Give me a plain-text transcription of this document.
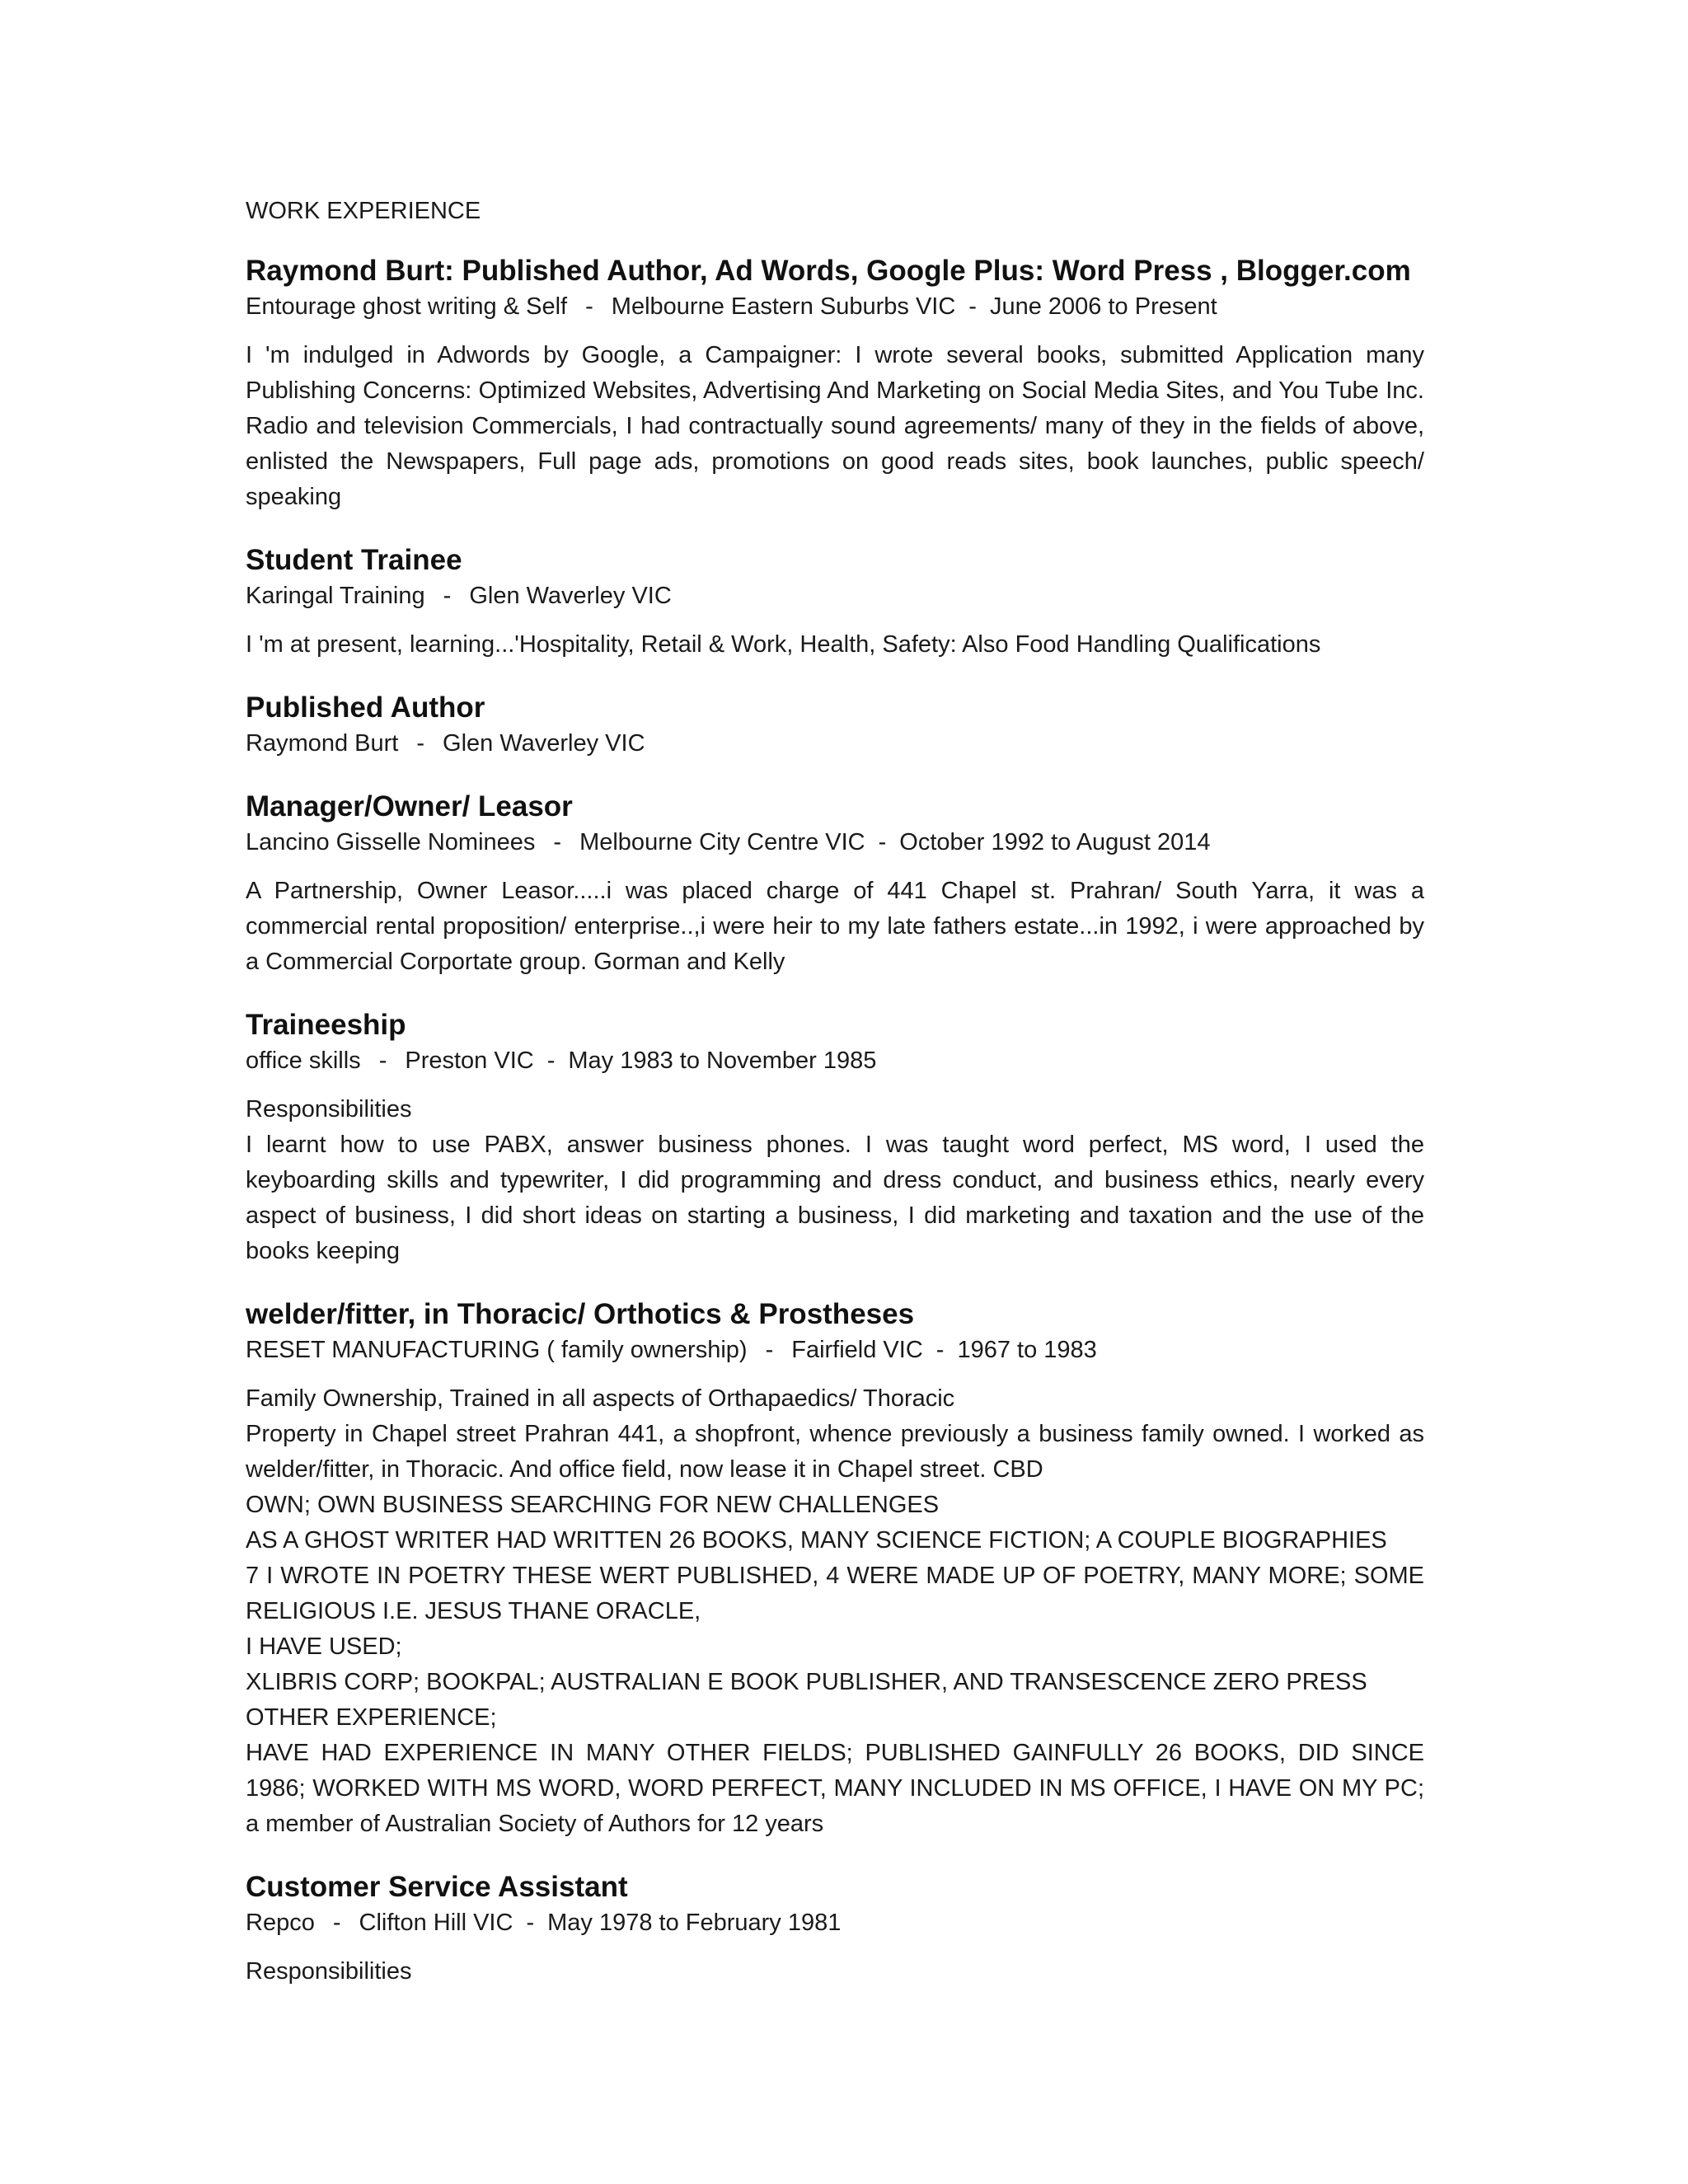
WORK EXPERIENCE
Raymond Burt: Published Author, Ad Words, Google Plus: Word Press , Blogger.com
Entourage ghost writing & Self - Melbourne Eastern Suburbs VIC - June 2006 to Present

I 'm indulged in Adwords by Google, a Campaigner: I wrote several books, submitted Application many Publishing Concerns: Optimized Websites, Advertising And Marketing on Social Media Sites, and You Tube Inc. Radio and television Commercials, I had contractually sound agreements/ many of they in the fields of above, enlisted the Newspapers, Full page ads, promotions on good reads sites, book launches, public speech/ speaking

Student Trainee
Karingal Training - Glen Waverley VIC

I 'm at present, learning...'Hospitality, Retail & Work, Health, Safety: Also Food Handling Qualifications

Published Author
Raymond Burt - Glen Waverley VIC
Manager/Owner/ Leasor
Lancino Gisselle Nominees - Melbourne City Centre VIC - October 1992 to August 2014

A Partnership, Owner Leasor.....i was placed charge of 441 Chapel st. Prahran/ South Yarra, it was a commercial rental proposition/ enterprise..,i were heir to my late fathers estate...in 1992, i were approached by a Commercial Corportate group. Gorman and Kelly

Traineeship
office skills - Preston VIC - May 1983 to November 1985

Responsibilities

I learnt how to use PABX, answer business phones. I was taught word perfect, MS word, I used the keyboarding skills and typewriter, I did programming and dress conduct, and business ethics, nearly every aspect of business, I did short ideas on starting a business, I did marketing and taxation and the use of the books keeping

welder/fitter, in Thoracic/ Orthotics & Prostheses
RESET MANUFACTURING ( family ownership) - Fairfield VIC - 1967 to 1983

Family Ownership, Trained in all aspects of Orthapaedics/ Thoracic

Property in Chapel street Prahran 441, a shopfront, whence previously a business family owned. I worked as welder/fitter, in Thoracic. And office field, now lease it in Chapel street. CBD

OWN; OWN BUSINESS SEARCHING FOR NEW CHALLENGES

AS A GHOST WRITER HAD WRITTEN 26 BOOKS, MANY SCIENCE FICTION; A COUPLE BIOGRAPHIES

7 I WROTE IN POETRY THESE WERT PUBLISHED, 4 WERE MADE UP OF POETRY, MANY MORE; SOME RELIGIOUS I.E. JESUS THANE ORACLE,

I HAVE USED;

XLIBRIS CORP; BOOKPAL; AUSTRALIAN E BOOK PUBLISHER, AND TRANSESCENCE ZERO PRESS

OTHER EXPERIENCE;

HAVE HAD EXPERIENCE IN MANY OTHER FIELDS; PUBLISHED GAINFULLY 26 BOOKS, DID SINCE 1986; WORKED WITH MS WORD, WORD PERFECT, MANY INCLUDED IN MS OFFICE, I HAVE ON MY PC; a member of Australian Society of Authors for 12 years

Customer Service Assistant
Repco - Clifton Hill VIC - May 1978 to February 1981

Responsibilities
